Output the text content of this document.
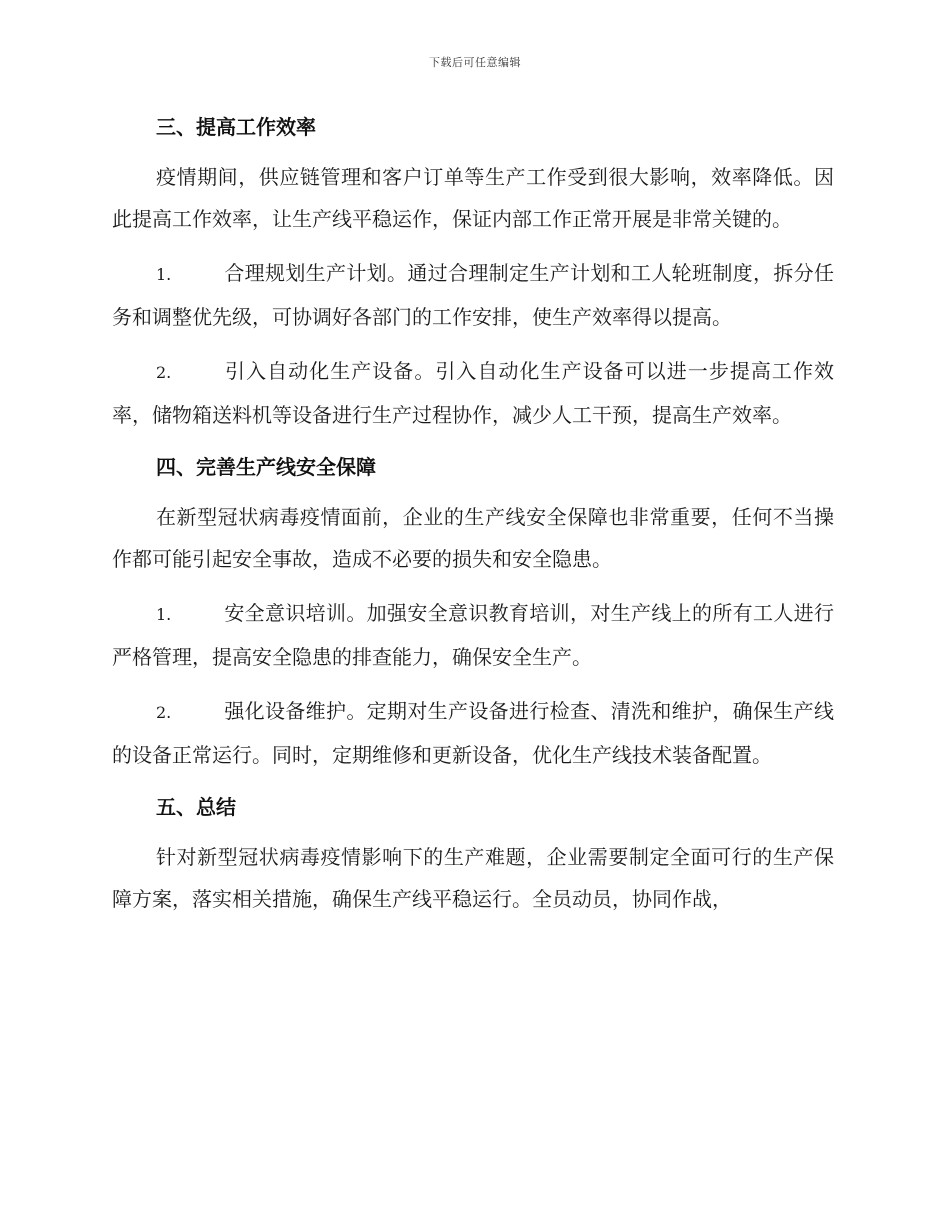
下载后可任意编辑
三、提高工作效率

疫情期间，供应链管理和客户订单等生产工作受到很大影响，效率降低。因此提高工作效率，让生产线平稳运作，保证内部工作正常开展是非常关键的。

1.	合理规划生产计划。通过合理制定生产计划和工人轮班制度，拆分任务和调整优先级，可协调好各部门的工作安排，使生产效率得以提高。

2.	引入自动化生产设备。引入自动化生产设备可以进一步提高工作效率，储物箱送料机等设备进行生产过程协作，减少人工干预，提高生产效率。

四、完善生产线安全保障

在新型冠状病毒疫情面前，企业的生产线安全保障也非常重要，任何不当操作都可能引起安全事故，造成不必要的损失和安全隐患。

1.	安全意识培训。加强安全意识教育培训，对生产线上的所有工人进行严格管理，提高安全隐患的排查能力，确保安全生产。

2.	强化设备维护。定期对生产设备进行检查、清洗和维护，确保生产线的设备正常运行。同时，定期维修和更新设备，优化生产线技术装备配置。

五、总结

针对新型冠状病毒疫情影响下的生产难题，企业需要制定全面可行的生产保障方案，落实相关措施，确保生产线平稳运行。全员动员，协同作战，
